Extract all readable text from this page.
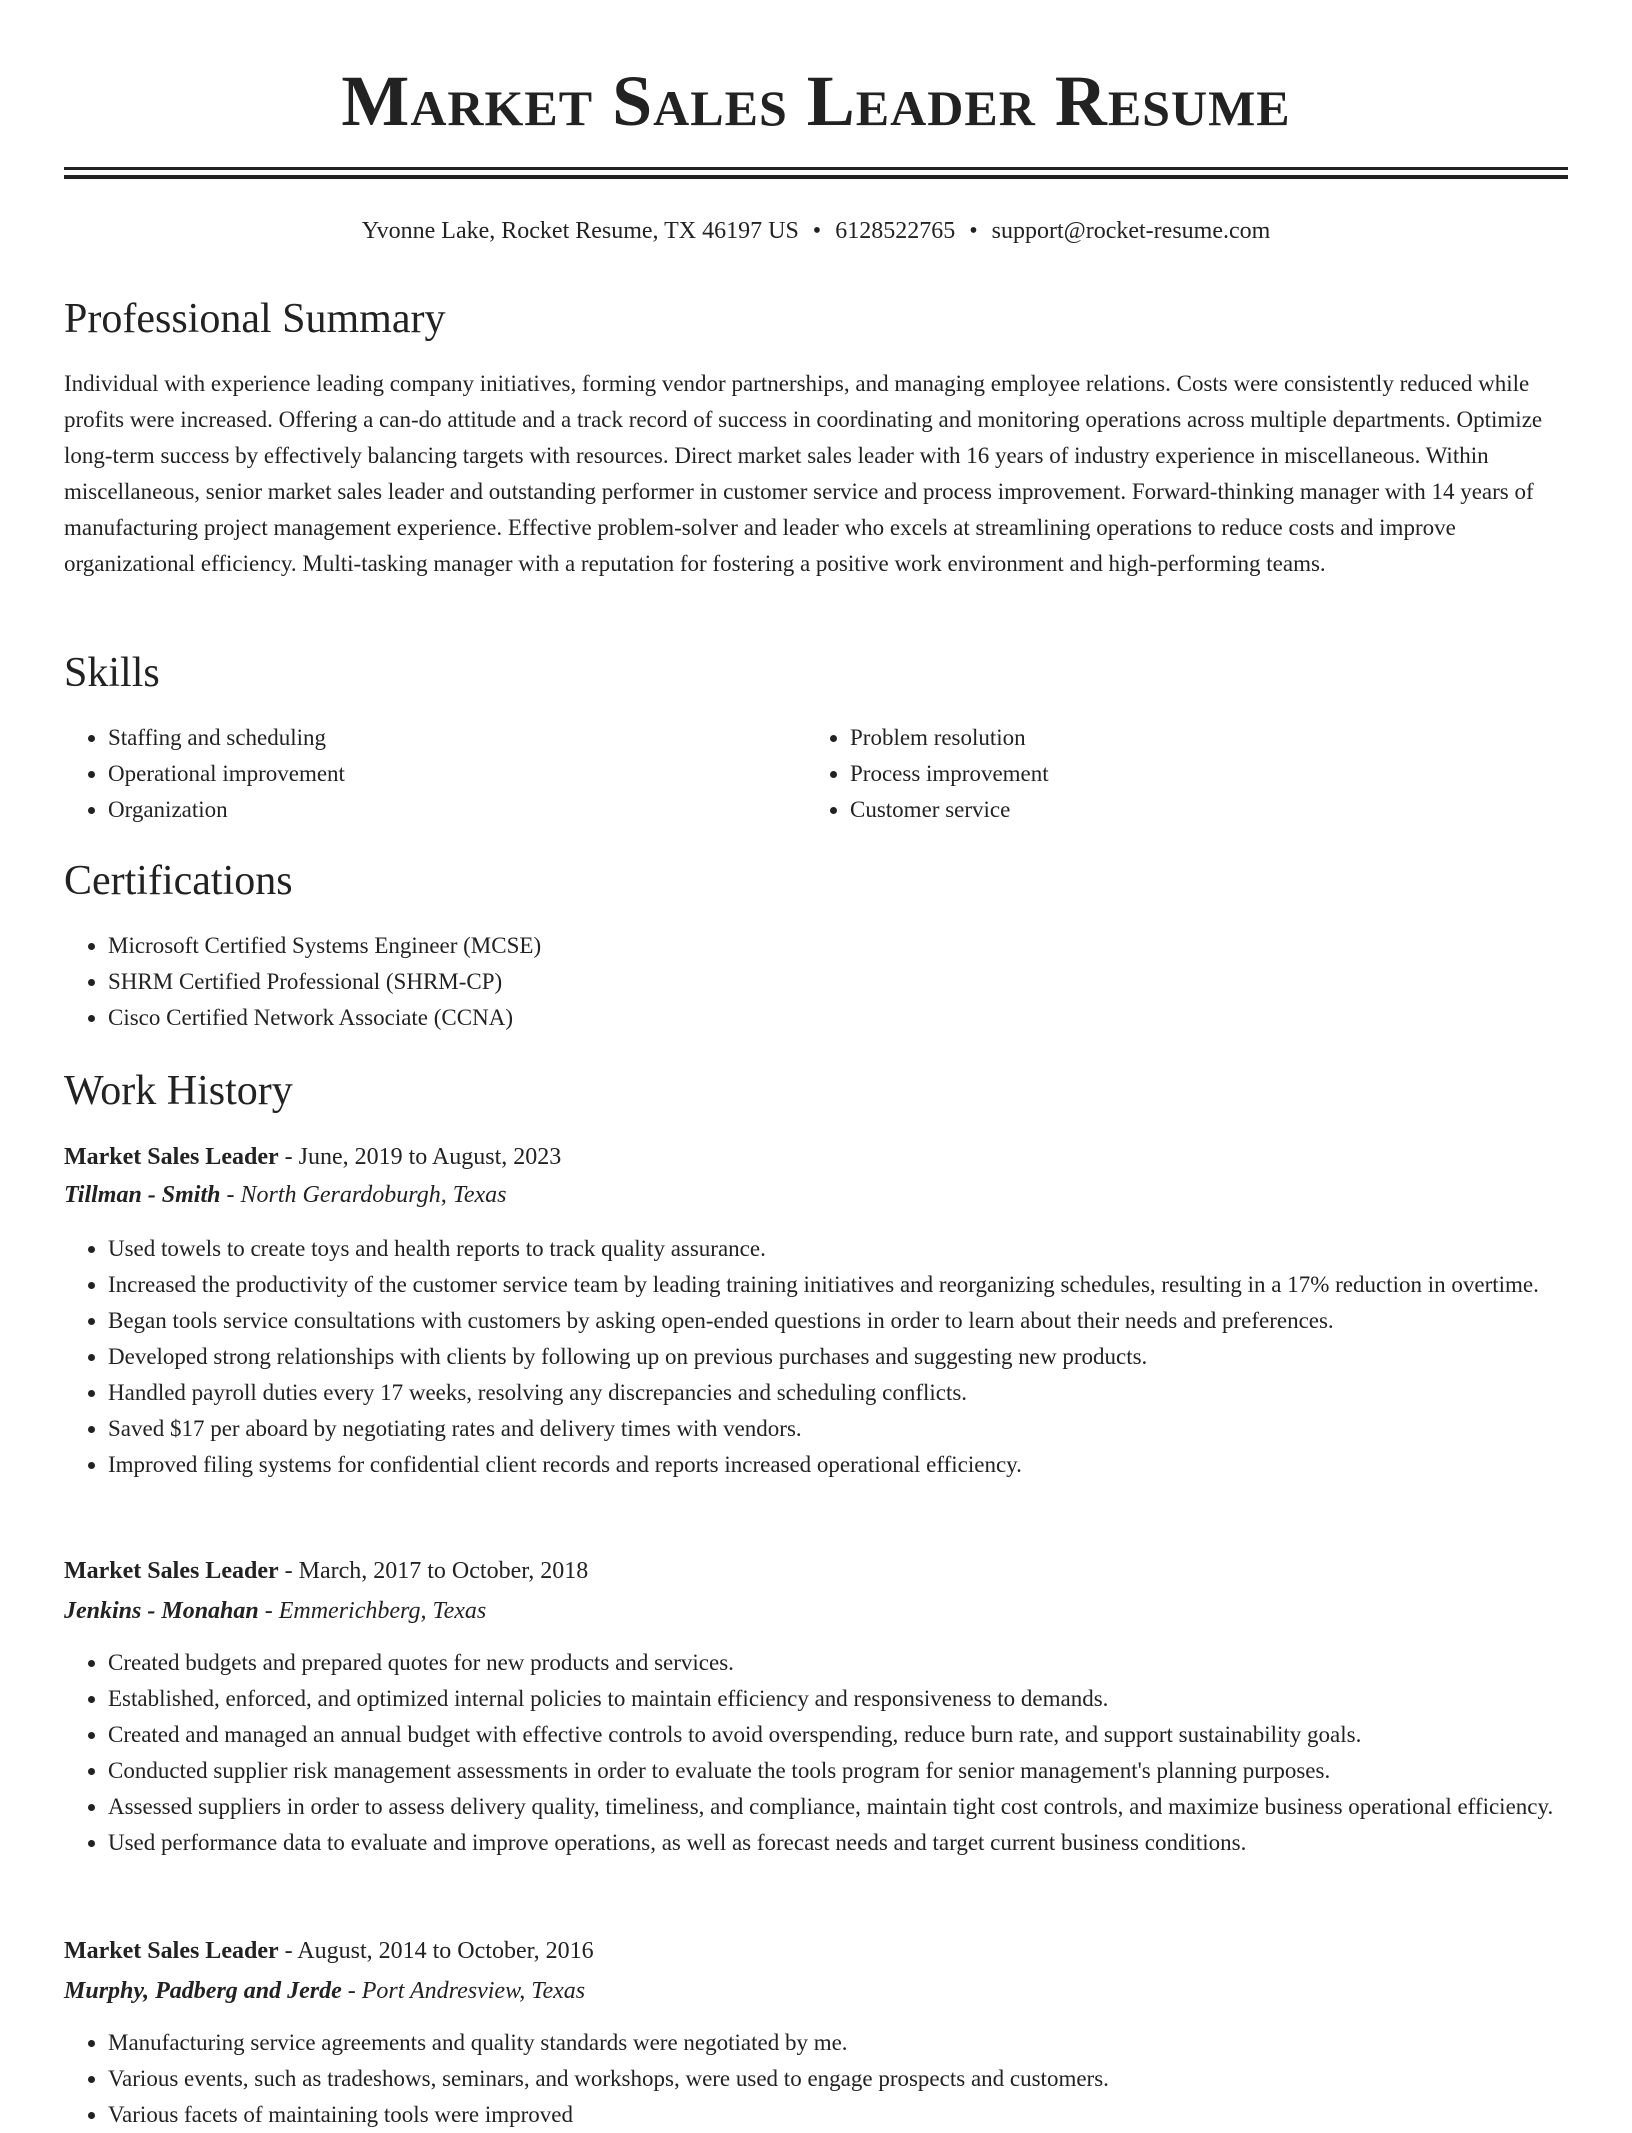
Market Sales Leader Resume
Yvonne Lake, Rocket Resume, TX 46197 US • 6128522765 • support@rocket-resume.com
Professional Summary

Individual with experience leading company initiatives, forming vendor partnerships, and managing employee relations. Costs were consistently reduced while profits were increased. Offering a can-do attitude and a track record of success in coordinating and monitoring operations across multiple departments. Optimize long-term success by effectively balancing targets with resources. Direct market sales leader with 16 years of industry experience in miscellaneous. Within miscellaneous, senior market sales leader and outstanding performer in customer service and process improvement. Forward-thinking manager with 14 years of manufacturing project management experience. Effective problem-solver and leader who excels at streamlining operations to reduce costs and improve organizational efficiency. Multi-tasking manager with a reputation for fostering a positive work environment and high-performing teams.

Skills
• Staffing and scheduling
• Operational improvement
• Organization
• Problem resolution
• Process improvement
• Customer service
Certifications
• Microsoft Certified Systems Engineer (MCSE)
• SHRM Certified Professional (SHRM-CP)
• Cisco Certified Network Associate (CCNA)
Work History
Market Sales Leader - June, 2019 to August, 2023
Tillman - Smith - North Gerardoburgh, Texas
• Used towels to create toys and health reports to track quality assurance.
• Increased the productivity of the customer service team by leading training initiatives and reorganizing schedules, resulting in a 17% reduction in overtime.
• Began tools service consultations with customers by asking open-ended questions in order to learn about their needs and preferences.
• Developed strong relationships with clients by following up on previous purchases and suggesting new products.
• Handled payroll duties every 17 weeks, resolving any discrepancies and scheduling conflicts.
• Saved $17 per aboard by negotiating rates and delivery times with vendors.
• Improved filing systems for confidential client records and reports increased operational efficiency.
Market Sales Leader - March, 2017 to October, 2018
Jenkins - Monahan - Emmerichberg, Texas
• Created budgets and prepared quotes for new products and services.
• Established, enforced, and optimized internal policies to maintain efficiency and responsiveness to demands.
• Created and managed an annual budget with effective controls to avoid overspending, reduce burn rate, and support sustainability goals.
• Conducted supplier risk management assessments in order to evaluate the tools program for senior management's planning purposes.
• Assessed suppliers in order to assess delivery quality, timeliness, and compliance, maintain tight cost controls, and maximize business operational efficiency.
• Used performance data to evaluate and improve operations, as well as forecast needs and target current business conditions.
Market Sales Leader - August, 2014 to October, 2016
Murphy, Padberg and Jerde - Port Andresview, Texas
• Manufacturing service agreements and quality standards were negotiated by me.
• Various events, such as tradeshows, seminars, and workshops, were used to engage prospects and customers.
• Various facets of maintaining tools were improved
